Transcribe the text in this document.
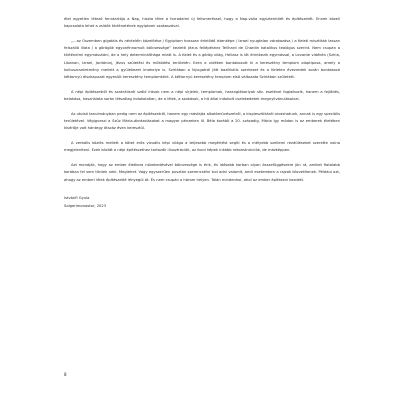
élet egyetlen létező fenntartója a Nap, hiszta létre a forradalmi új felismeréssel, hogy a Nap-valla egyiztenhitét és építészetét. Ennek közeli kapcsolata lehet a zsidók történetének egyiptomi szakaszával.

„…az Ószemben gígatáis és névteléin közelítése / Egyiptom hosszan érlelődő istenképe / Izrael nyugtalan várakozása / a Keleti misztikák lassan felszálló illata / a görögök egyonfinnomult bölcsessége” kezletti Jézus fellépéshez Teilhard de Chardin katolikus teológus szerint. Nem csupán a történelmi egymásutáni, de a hely determinálthága miatt is. A Kelet és a görög világ, Hellasz is lőt érintkezik egymással, a Levante vidékén (Szíria, Libanon, Izrael, Jordánia), Jézus születési és működési területén. Ezen a vidéken bontakozott ki a keresztény templom alaptípusa, amely a kultuszcselekmény mellett a gyülekezet imahelye is. Szíriában a Nyugatról jött bazilikális szerkezet és a Keleten évezredek során bontakozó kéttornyú díszkapuzat egyesült keresztény templomként. A kéttornyú keresztény templom első változata Szíriában született.

A népi építészetről és szakrálisról szóló írások nem a népi sírjelek, templomok, haranglábarlyok stb. esetével foglalkozik, hanem a fejlődés, belakása, használata során létszólag indokolatlan, de a lélek, a szokások, a hit által indokolt cselekedetek megnyilvánulásaival.

Az utolsó tanulmányban pedig nem az építészetről, hanem egy másfajta alkotómüvészetről, a kispleszitikáról olvashatunk, annak is egy speciális területével. Végigveszi a Szűz Mária-ábrázolásokat a magyar pénzeken III. Béla korától a 20. századig. Mária így módon is az emberek életében kísérője volt hántegy ötszáz éven keresztül.

A verbális közlés mellett a kötet erős vizuális képi világa a teljesebb megértést segíti és a mélyebb szellemi rezdüléseket szerette volna megjeleníteni. Ezek között a népi építészethez tartozók illusztrációk, az ikoni képek inkább rekonstrukciók, de mázképpen.

Azt mondják, hogy az ember életkora növekedésével bölcsessége is érik, és idősebb korban olyan összefüggésekre jön rá, amiket fiatalabb korában fel sem tűntek neki. Megiehet. Vagy egyszerűen pusztán szerencsélni tud adni valamit, amit esetemben a rajzok közvetítenek. Például azt, ahogy az emberi lélek építészetté lényegül át. És nem csupán a három helyen. Talán mindenhol, ahol az ember építkezni kezdett.

Istvánfi Gyula
Solgerimonostor, 2023
8
